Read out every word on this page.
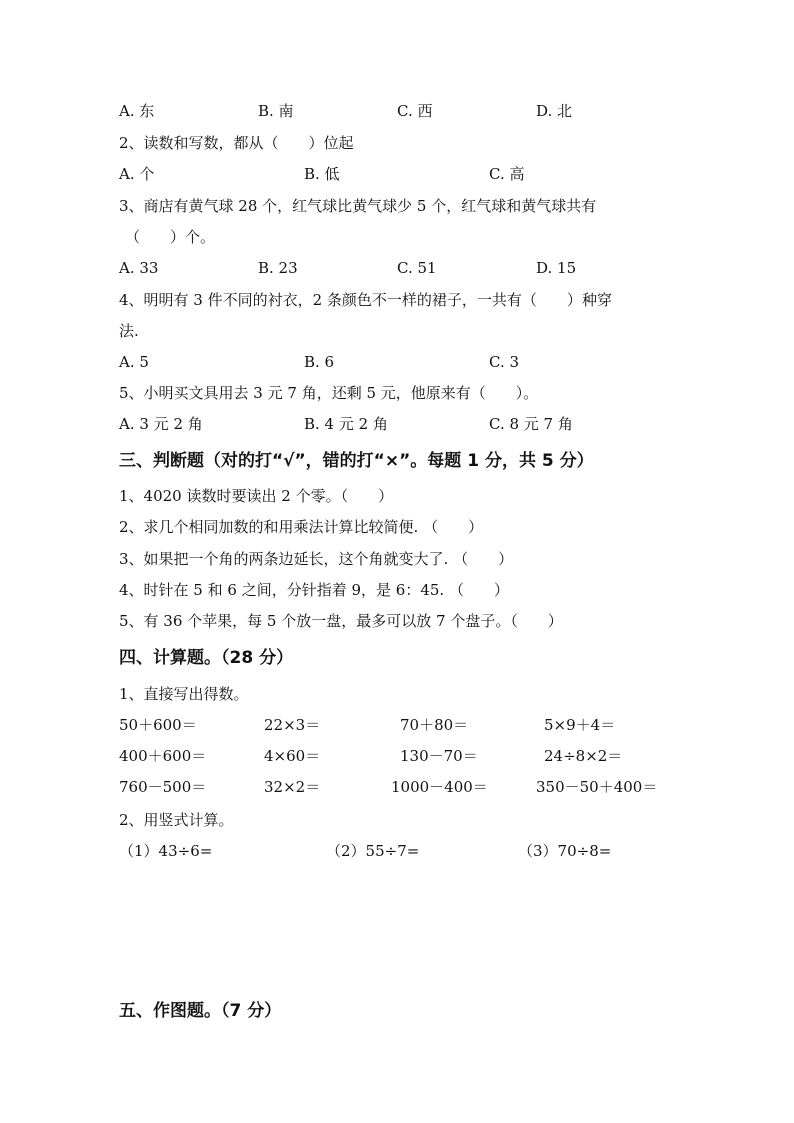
A. 东	B. 南	C. 西	D. 北
2、读数和写数，都从（　　）位起
A. 个	B. 低	C. 高
3、商店有黄气球 28 个，红气球比黄气球少 5 个，红气球和黄气球共有
（　　）个。
A. 33	B. 23	C. 51	D. 15
4、明明有 3 件不同的衬衣，2 条颜色不一样的裙子，一共有（　　）种穿
法.
A. 5	B. 6	C. 3
5、小明买文具用去 3 元 7 角，还剩 5 元，他原来有（　　）。
A. 3 元 2 角	B. 4 元 2 角	C. 8 元 7 角
三、判断题（对的打“√”，错的打“×”。每题 1 分，共 5 分）
1、4020 读数时要读出 2 个零。（　　）
2、求几个相同加数的和用乘法计算比较简便. （　　）
3、如果把一个角的两条边延长，这个角就变大了. （　　）
4、时针在 5 和 6 之间，分针指着 9，是 6：45. （　　）
5、有 36 个苹果，每 5 个放一盘，最多可以放 7 个盘子。（　　）
四、计算题。（28 分）
1、直接写出得数。
50＋600＝	22×3＝	70＋80＝	5×9＋4＝
400＋600＝	4×60＝	130－70＝	24÷8×2＝
760－500＝	32×2＝	1000－400＝	350－50＋400＝
2、用竖式计算。
（1）43÷6=	（2）55÷7=	（3）70÷8=
五、作图题。（7 分）
